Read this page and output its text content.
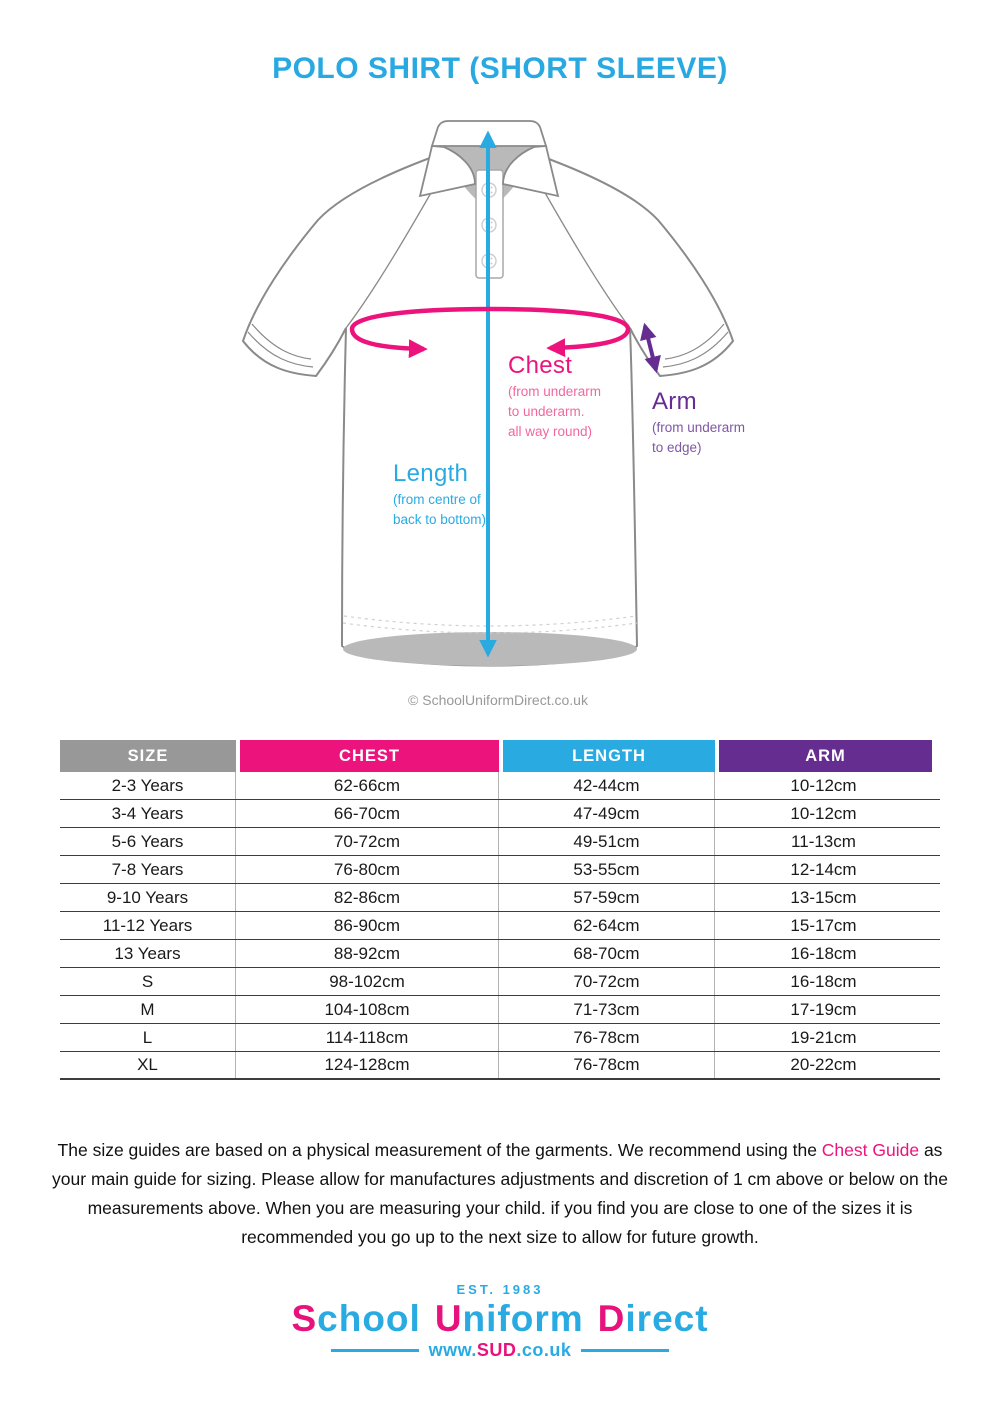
POLO SHIRT (SHORT SLEEVE)
Chest
(from underarm
to underarm.
all way round)
Arm
(from underarm
to edge)
Length
(from centre of
back to bottom)
© SchoolUniformDirect.co.uk
SIZE	CHEST	LENGTH	ARM
2-3 Years	62-66cm	42-44cm	10-12cm
3-4 Years	66-70cm	47-49cm	10-12cm
5-6 Years	70-72cm	49-51cm	11-13cm
7-8 Years	76-80cm	53-55cm	12-14cm
9-10 Years	82-86cm	57-59cm	13-15cm
11-12 Years	86-90cm	62-64cm	15-17cm
13 Years	88-92cm	68-70cm	16-18cm
S	98-102cm	70-72cm	16-18cm
M	104-108cm	71-73cm	17-19cm
L	114-118cm	76-78cm	19-21cm
XL	124-128cm	76-78cm	20-22cm
The size guides are based on a physical measurement of the garments. We recommend using the Chest Guide as your main guide for sizing. Please allow for manufactures adjustments and discretion of 1 cm above or below on the measurements above. When you are measuring your child. if you find you are close to one of the sizes it is recommended you go up to the next size to allow for future growth.
EST. 1983
School Uniform Direct
www. SUD .co.uk
